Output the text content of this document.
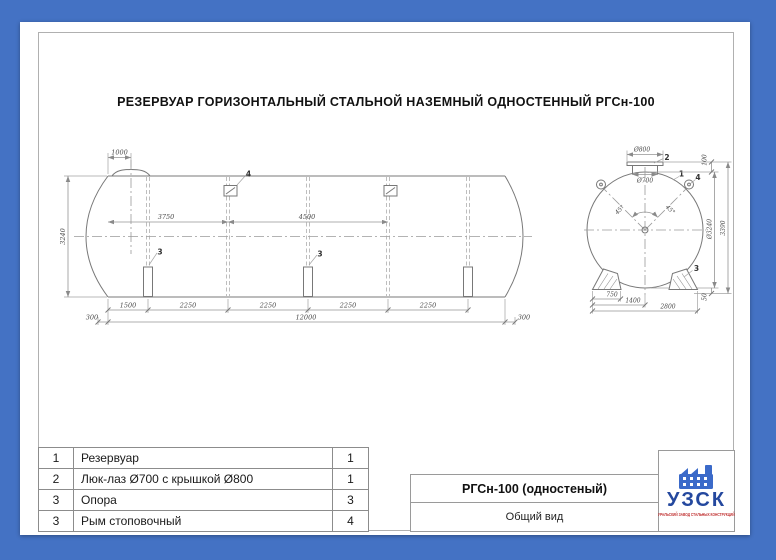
4
3	3
1000
3240
3750	4500
1500	2250	2250	2250	2250
300	12000	300
45°	45°
Ø700
Ø800
2
1 4
100
Ø3240 3390
50
3
750
1400
2800
РЕЗЕРВУАР ГОРИЗОНТАЛЬНЫЙ СТАЛЬНОЙ НАЗЕМНЫЙ ОДНОСТЕННЫЙ РГСн-100
1	Резервуар	1
2	Люк-лаз Ø700 с крышкой Ø800	1
3	Опора	3
3	Рым стоповочный	4
РГСн-100 (одностеный)
Общий вид
УЗСК
УРАЛЬСКИЙ ЗАВОД СТАЛЬНЫХ КОНСТРУКЦИЙ
